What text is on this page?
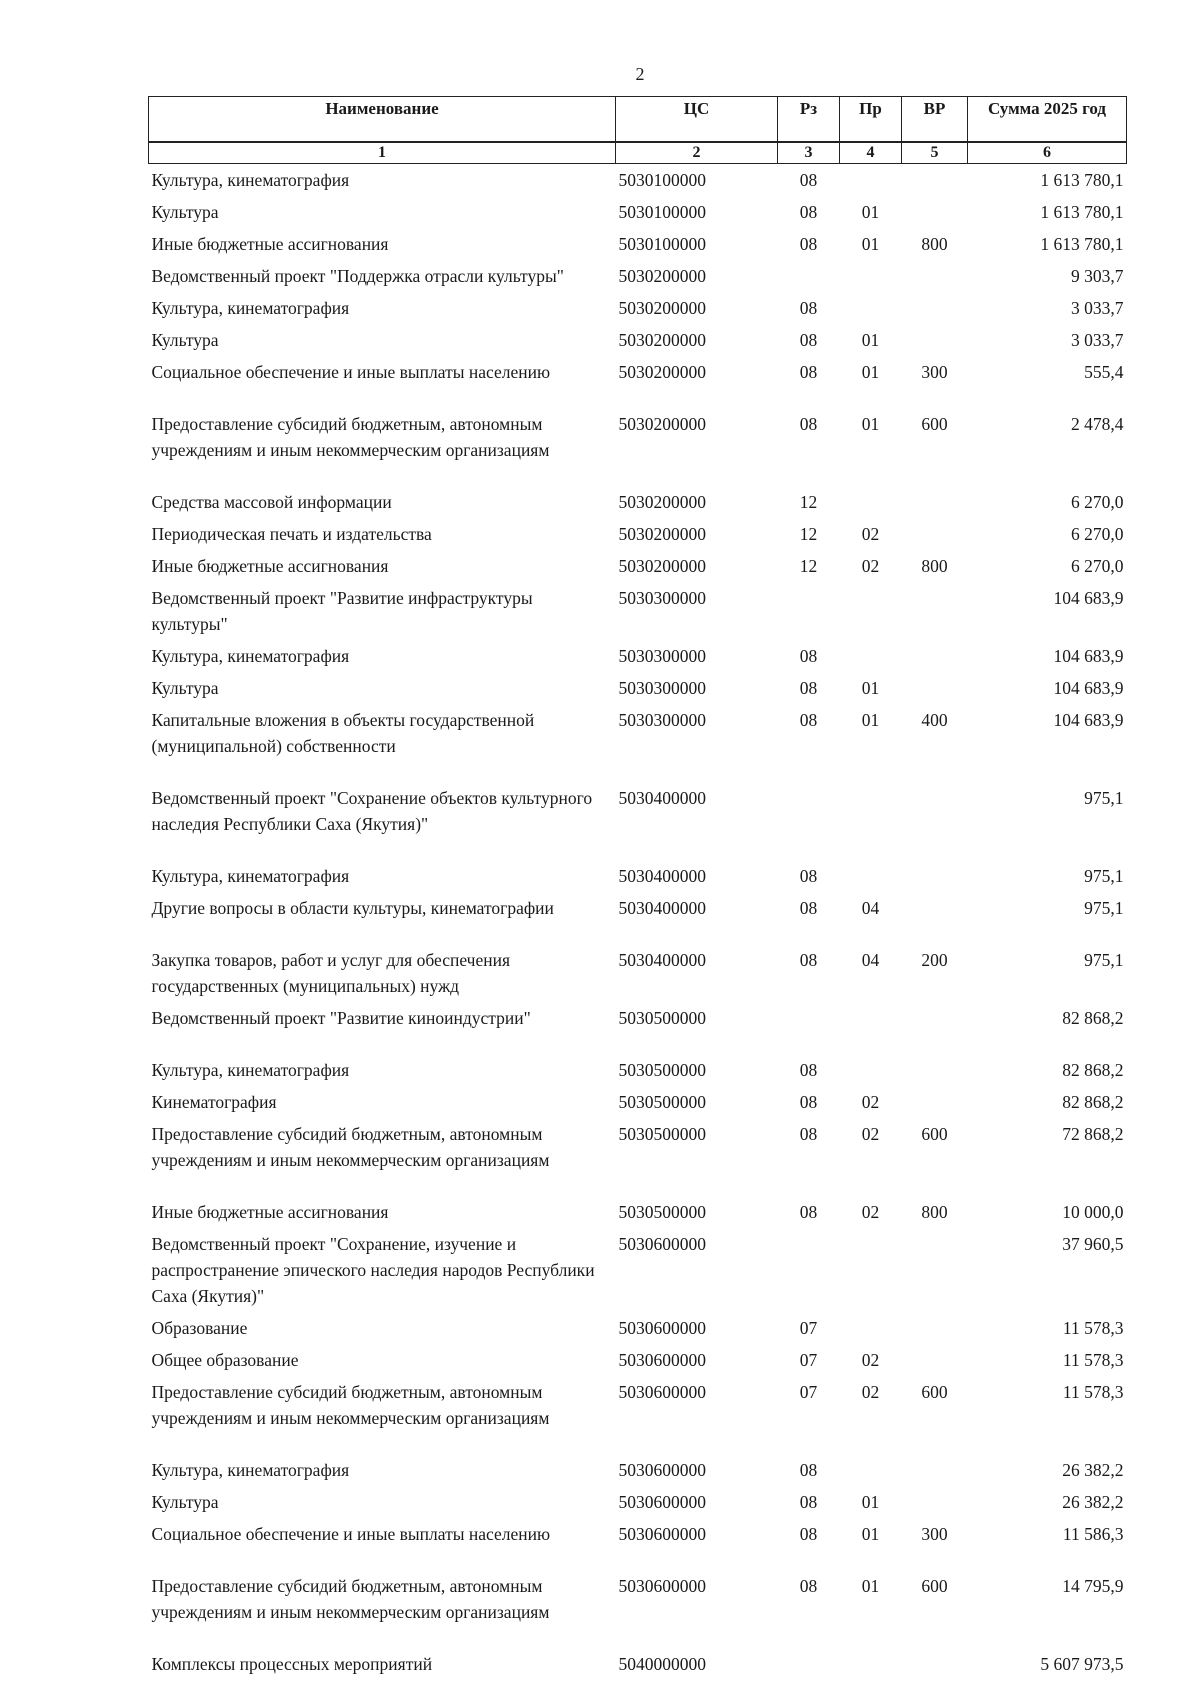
2
Наименование	ЦС	Рз	Пр	ВР	Сумма 2025 год
1	2	3	4	5	6
Культура, кинематография	5030100000	08			1 613 780,1
Культура	5030100000	08	01		1 613 780,1
Иные бюджетные ассигнования	5030100000	08	01	800	1 613 780,1
Ведомственный проект "Поддержка отрасли культуры"	5030200000				9 303,7
Культура, кинематография	5030200000	08			3 033,7
Культура	5030200000	08	01		3 033,7
Социальное обеспечение и иные выплаты населению	5030200000	08	01	300	555,4
Предоставление субсидий бюджетным, автономным учреждениям и иным некоммерческим организациям	5030200000	08	01	600	2 478,4
Средства массовой информации	5030200000	12			6 270,0
Периодическая печать и издательства	5030200000	12	02		6 270,0
Иные бюджетные ассигнования	5030200000	12	02	800	6 270,0
Ведомственный проект "Развитие инфраструктуры культуры"	5030300000				104 683,9
Культура, кинематография	5030300000	08			104 683,9
Культура	5030300000	08	01		104 683,9
Капитальные вложения в объекты государственной (муниципальной) собственности	5030300000	08	01	400	104 683,9
Ведомственный проект "Сохранение объектов культурного наследия Республики Саха (Якутия)"	5030400000				975,1
Культура, кинематография	5030400000	08			975,1
Другие вопросы в области культуры, кинематографии	5030400000	08	04		975,1
Закупка товаров, работ и услуг для обеспечения государственных (муниципальных) нужд	5030400000	08	04	200	975,1
Ведомственный проект "Развитие киноиндустрии"	5030500000				82 868,2
Культура, кинематография	5030500000	08			82 868,2
Кинематография	5030500000	08	02		82 868,2
Предоставление субсидий бюджетным, автономным учреждениям и иным некоммерческим организациям	5030500000	08	02	600	72 868,2
Иные бюджетные ассигнования	5030500000	08	02	800	10 000,0
Ведомственный проект "Сохранение, изучение и распространение эпического наследия народов Республики Саха (Якутия)"	5030600000				37 960,5
Образование	5030600000	07			11 578,3
Общее образование	5030600000	07	02		11 578,3
Предоставление субсидий бюджетным, автономным учреждениям и иным некоммерческим организациям	5030600000	07	02	600	11 578,3
Культура, кинематография	5030600000	08			26 382,2
Культура	5030600000	08	01		26 382,2
Социальное обеспечение и иные выплаты населению	5030600000	08	01	300	11 586,3
Предоставление субсидий бюджетным, автономным учреждениям и иным некоммерческим организациям	5030600000	08	01	600	14 795,9
Комплексы процессных мероприятий	5040000000				5 607 973,5
